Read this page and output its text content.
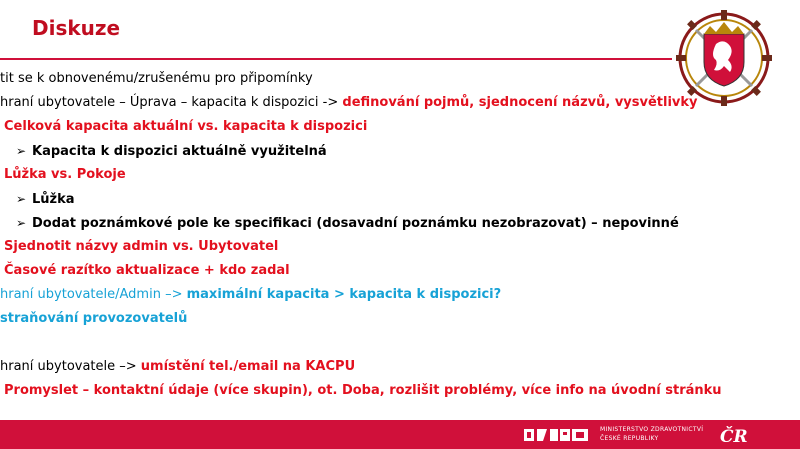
Diskuze
tit se k obnovenému/zrušenému pro připomínky
hraní ubytovatele – Úprava – kapacita k dispozici -> definování pojmů, sjednocení názvů, vysvětlivky
Celková kapacita aktuální vs. kapacita k dispozici
➢ Kapacita k dispozici aktuálně využitelná
Lůžka vs. Pokoje
➢ Lůžka
➢ Dodat poznámkové pole ke specifikaci (dosavadní poznámku nezobrazovat) – nepovinné
Sjednotit názvy admin vs. Ubytovatel
Časové razítko aktualizace + kdo zadal
hraní ubytovatele/Admin –> maximální kapacita > kapacita k dispozici?
straňování provozovatelů
hraní ubytovatele –> umístění tel./email na KACPU
Promyslet – kontaktní údaje (více skupin), ot. Doba, rozlišit problémy, více info na úvodní stránku
MINISTERSTVO ZDRAVOTNICTVÍ
ČESKÉ REPUBLIKY	ČR
